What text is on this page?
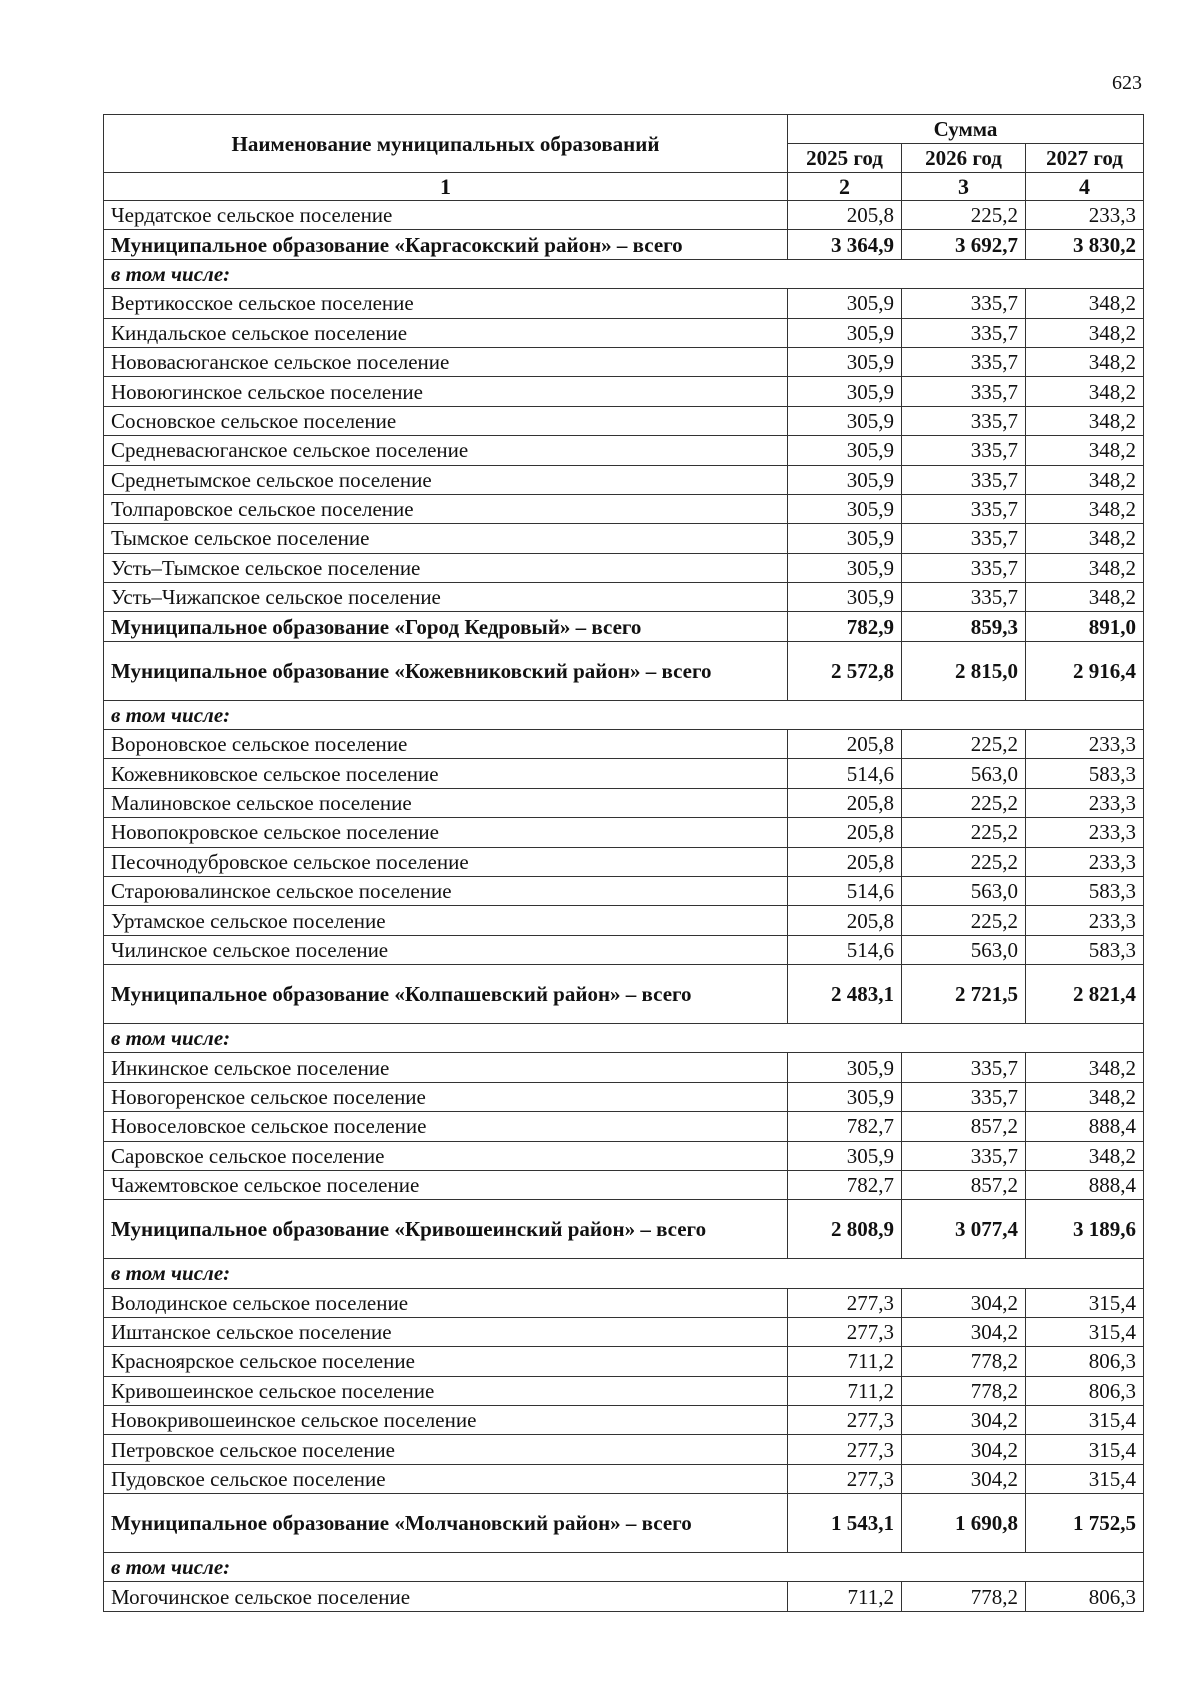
623
Наименование муниципальных образований	Сумма		
	2025 год	2026 год	2027 год
1	2	3	4
Чердатское сельское поселение	205,8	225,2	233,3
Муниципальное образование «Каргасокский район» – всего	3 364,9	3 692,7	3 830,2
в том числе:			
Вертикосское сельское поселение	305,9	335,7	348,2
Киндальское сельское поселение	305,9	335,7	348,2
Нововасюганское сельское поселение	305,9	335,7	348,2
Новоюгинское сельское поселение	305,9	335,7	348,2
Сосновское сельское поселение	305,9	335,7	348,2
Средневасюганское сельское поселение	305,9	335,7	348,2
Среднетымское сельское поселение	305,9	335,7	348,2
Толпаровское сельское поселение	305,9	335,7	348,2
Тымское сельское поселение	305,9	335,7	348,2
Усть–Тымское сельское поселение	305,9	335,7	348,2
Усть–Чижапское сельское поселение	305,9	335,7	348,2
Муниципальное образование «Город Кедровый» – всего	782,9	859,3	891,0
Муниципальное образование «Кожевниковский район» – всего	2 572,8	2 815,0	2 916,4
в том числе:			
Вороновское сельское поселение	205,8	225,2	233,3
Кожевниковское сельское поселение	514,6	563,0	583,3
Малиновское сельское поселение	205,8	225,2	233,3
Новопокровское сельское поселение	205,8	225,2	233,3
Песочнодубровское сельское поселение	205,8	225,2	233,3
Староювалинское сельское поселение	514,6	563,0	583,3
Уртамское сельское поселение	205,8	225,2	233,3
Чилинское сельское поселение	514,6	563,0	583,3
Муниципальное образование «Колпашевский район» – всего	2 483,1	2 721,5	2 821,4
в том числе:			
Инкинское сельское поселение	305,9	335,7	348,2
Новогоренское сельское поселение	305,9	335,7	348,2
Новоселовское сельское поселение	782,7	857,2	888,4
Саровское сельское поселение	305,9	335,7	348,2
Чажемтовское сельское поселение	782,7	857,2	888,4
Муниципальное образование «Кривошеинский район» – всего	2 808,9	3 077,4	3 189,6
в том числе:			
Володинское сельское поселение	277,3	304,2	315,4
Иштанское сельское поселение	277,3	304,2	315,4
Красноярское сельское поселение	711,2	778,2	806,3
Кривошеинское сельское поселение	711,2	778,2	806,3
Новокривошеинское сельское поселение	277,3	304,2	315,4
Петровское сельское поселение	277,3	304,2	315,4
Пудовское сельское поселение	277,3	304,2	315,4
Муниципальное образование «Молчановский район» – всего	1 543,1	1 690,8	1 752,5
в том числе:			
Могочинское сельское поселение	711,2	778,2	806,3
